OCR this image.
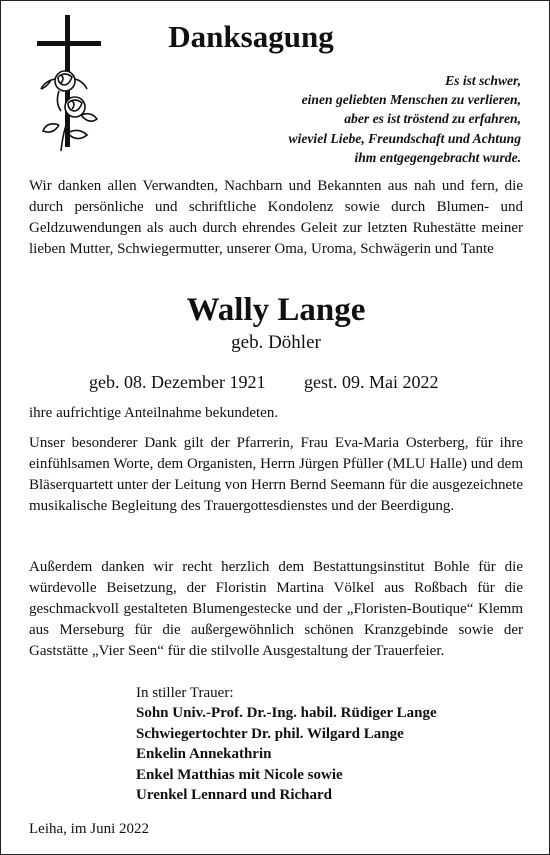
Danksagung
Es ist schwer,
einen geliebten Menschen zu verlieren,
aber es ist tröstend zu erfahren,
wieviel Liebe, Freundschaft und Achtung
ihm entgegengebracht wurde.
Wir danken allen Verwandten, Nachbarn und Bekannten aus nah und fern, die durch persönliche und schriftliche Kondolenz sowie durch Blumen- und Geldzuwendungen als auch durch ehrendes Geleit zur letzten Ruhestätte meiner lieben Mutter, Schwiegermutter, unserer Oma, Uroma, Schwägerin und Tante
Wally Lange
geb. Döhler
geb. 08. Dezember 1921 gest. 09. Mai 2022
ihre aufrichtige Anteilnahme bekundeten.
Unser besonderer Dank gilt der Pfarrerin, Frau Eva-Maria Osterberg, für ihre einfühlsamen Worte, dem Organisten, Herrn Jürgen Pfüller (MLU Halle) und dem Bläserquartett unter der Leitung von Herrn Bernd Seemann für die ausgezeichnete musikalische Begleitung des Trauergottesdienstes und der Beerdigung.
Außerdem danken wir recht herzlich dem Bestattungsinstitut Bohle für die würdevolle Beisetzung, der Floristin Martina Völkel aus Roßbach für die geschmackvoll gestalteten Blumengestecke und der „Floristen-Boutique“ Klemm aus Merseburg für die außergewöhnlich schönen Kranzgebinde sowie der Gaststätte „Vier Seen“ für die stilvolle Ausgestaltung der Trauerfeier.
In stiller Trauer:
Sohn Univ.-Prof. Dr.-Ing. habil. Rüdiger Lange
Schwiegertochter Dr. phil. Wilgard Lange
Enkelin Annekathrin
Enkel Matthias mit Nicole sowie
Urenkel Lennard und Richard
Leiha, im Juni 2022
